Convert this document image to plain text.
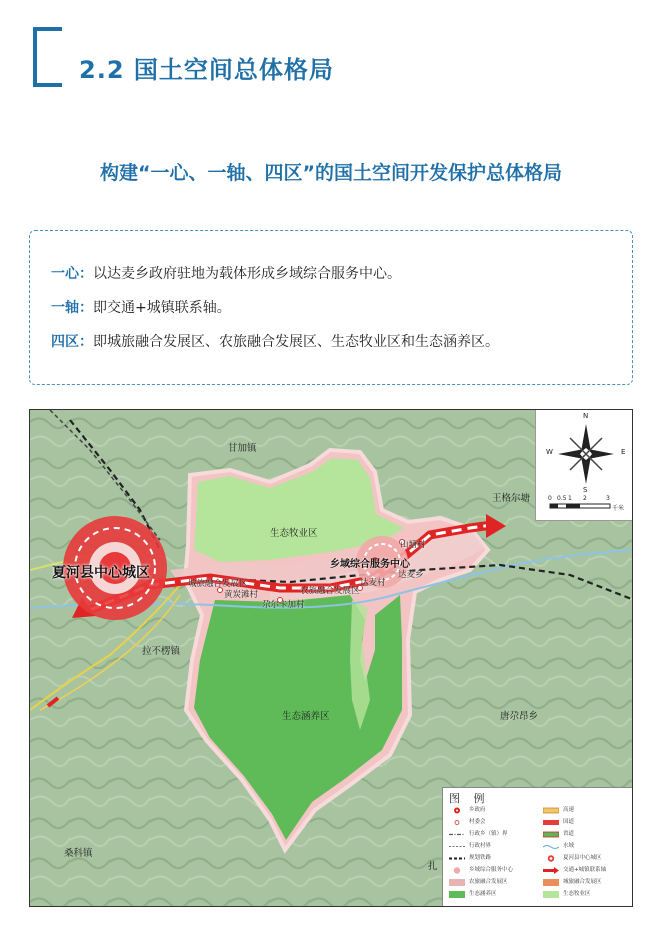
2.2 国土空间总体格局
构建“一心、一轴、四区”的国土空间开发保护总体格局

一心：以达麦乡政府驻地为载体形成乡域综合服务中心。

一轴：即交通+城镇联系轴。

四区：即城旅融合发展区、农旅融合发展区、生态牧业区和生态涵养区。

甘加镇
王格尔塘
夏河县中心城区
拉不楞镇
唐尕昂乡
桑科镇
扎
生态牧业区
乡域综合服务中心
山塘村
达麦乡
达麦村
城旅融合发展区
黄炭滩村	农旅融合发展区
尕尔卡加村
生态涵养区
N
E
S
W
0 0.5 1 2	3
千米
图 例
乡政府	高速
村委会	国道
行政乡（镇）界	省道
行政村界	水域
规划铁路	夏河县中心城区
乡域综合服务中心	交通+城镇联系轴
农旅融合发展区	城旅融合发展区
生态涵养区	生态牧业区
